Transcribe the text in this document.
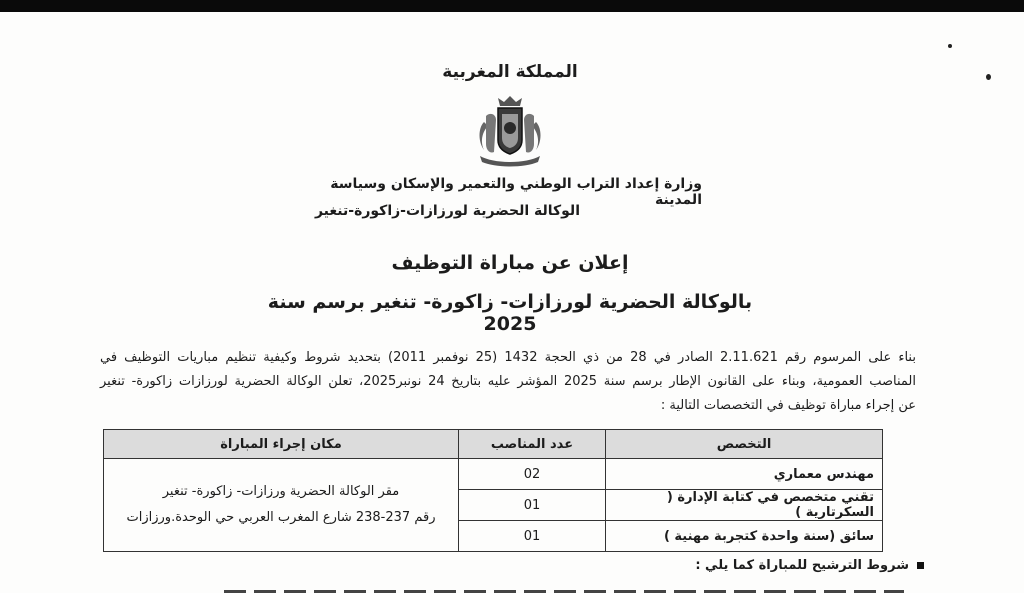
المملكة المغربية
وزارة إعداد التراب الوطني والتعمير والإسكان وسياسة المدينة
الوكالة الحضرية لورزازات-زاكورة-تنغير
إعلان عن مباراة التوظيف
بالوكالة الحضرية لورزازات- زاكورة- تنغير برسم سنة 2025
بناء على المرسوم رقم 2.11.621 الصادر في 28 من ذي الحجة 1432 (25 نوفمبر 2011) بتحديد شروط وكيفية تنظيم مباريات التوظيف في
المناصب العمومية، وبناء على القانون الإطار برسم سنة 2025 المؤشر عليه بتاريخ 24 نونبر2025، تعلن الوكالة الحضرية لورزازات زاكورة- تنغير
عن إجراء مباراة توظيف في التخصصات التالية :
التخصص	عدد المناصب	مكان إجراء المباراة
مهندس معماري	02	مقر الوكالة الحضرية ورزازات- زاكورة- تنغير
رقم 237-238 شارع المغرب العربي حي الوحدة.ورزازات

تقني متخصص في كتابة الإدارة ( السكرتارية )	01	
سائق (سنة واحدة كتجربة مهنية )	01	
شروط الترشيح للمباراة كما يلي :
